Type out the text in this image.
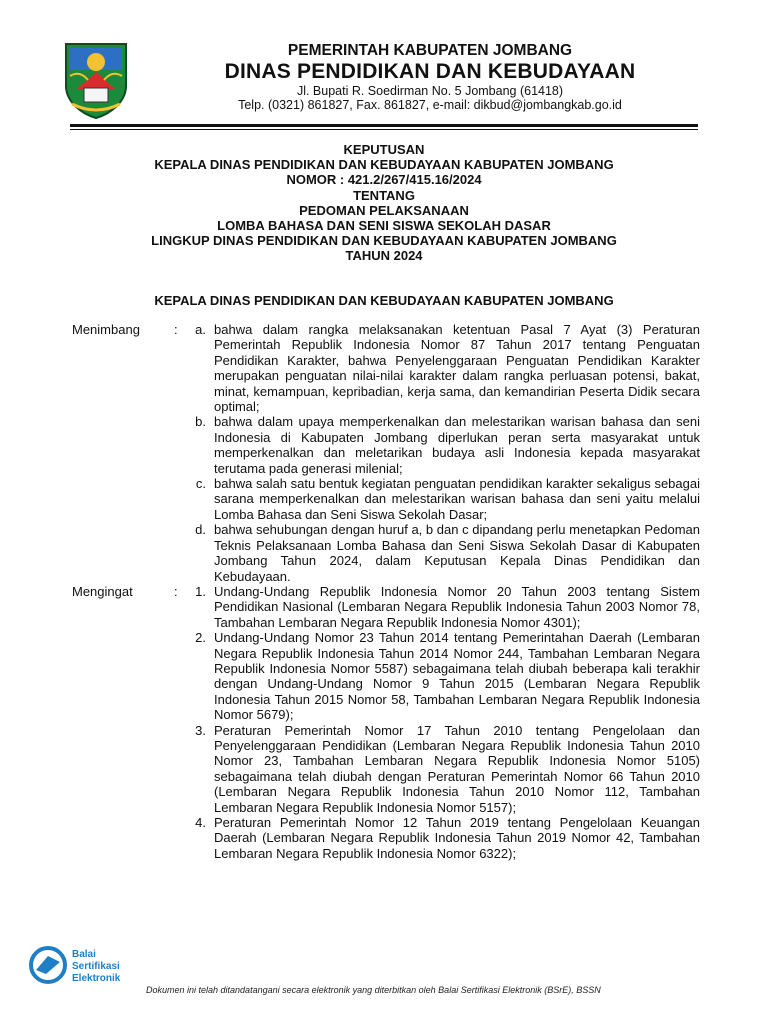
PEMERINTAH KABUPATEN JOMBANG
DINAS PENDIDIKAN DAN KEBUDAYAAN
Jl. Bupati R. Soedirman No. 5 Jombang (61418)
Telp. (0321) 861827, Fax. 861827, e-mail: dikbud@jombangkab.go.id
KEPUTUSAN
KEPALA DINAS PENDIDIKAN DAN KEBUDAYAAN KABUPATEN JOMBANG
NOMOR : 421.2/267/415.16/2024
TENTANG
PEDOMAN PELAKSANAAN
LOMBA BAHASA DAN SENI SISWA SEKOLAH DASAR
LINGKUP DINAS PENDIDIKAN DAN KEBUDAYAAN KABUPATEN JOMBANG
TAHUN 2024
KEPALA DINAS PENDIDIKAN DAN KEBUDAYAAN KABUPATEN JOMBANG
Menimbang	:	a. bahwa dalam rangka melaksanakan ketentuan Pasal 7 Ayat (3) Peraturan Pemerintah Republik Indonesia Nomor 87 Tahun 2017 tentang Penguatan Pendidikan Karakter, bahwa Penyelenggaraan Penguatan Pendidikan Karakter merupakan penguatan nilai-nilai karakter dalam rangka perluasan potensi, bakat, minat, kemampuan, kepribadian, kerja sama, dan kemandirian Peserta Didik secara optimal;
b. bahwa dalam upaya memperkenalkan dan melestarikan warisan bahasa dan seni Indonesia di Kabupaten Jombang diperlukan peran serta masyarakat untuk memperkenalkan dan meletarikan budaya asli Indonesia kepada masyarakat terutama pada generasi milenial;
c. bahwa salah satu bentuk kegiatan penguatan pendidikan karakter sekaligus sebagai sarana memperkenalkan dan melestarikan warisan bahasa dan seni yaitu melalui Lomba Bahasa dan Seni Siswa Sekolah Dasar;
d. bahwa sehubungan dengan huruf a, b dan c dipandang perlu menetapkan Pedoman Teknis Pelaksanaan Lomba Bahasa dan Seni Siswa Sekolah Dasar di Kabupaten Jombang Tahun 2024, dalam Keputusan Kepala Dinas Pendidikan dan Kebudayaan.
Mengingat	:	1. Undang-Undang Republik Indonesia Nomor 20 Tahun 2003 tentang Sistem Pendidikan Nasional (Lembaran Negara Republik Indonesia Tahun 2003 Nomor 78, Tambahan Lembaran Negara Republik Indonesia Nomor 4301);
2. Undang-Undang Nomor 23 Tahun 2014 tentang Pemerintahan Daerah (Lembaran Negara Republik Indonesia Tahun 2014 Nomor 244, Tambahan Lembaran Negara Republik Indonesia Nomor 5587) sebagaimana telah diubah beberapa kali terakhir dengan Undang-Undang Nomor 9 Tahun 2015 (Lembaran Negara Republik Indonesia Tahun 2015 Nomor 58, Tambahan Lembaran Negara Republik Indonesia Nomor 5679);
3. Peraturan Pemerintah Nomor 17 Tahun 2010 tentang Pengelolaan dan Penyelenggaraan Pendidikan (Lembaran Negara Republik Indonesia Tahun 2010 Nomor 23, Tambahan Lembaran Negara Republik Indonesia Nomor 5105) sebagaimana telah diubah dengan Peraturan Pemerintah Nomor 66 Tahun 2010 (Lembaran Negara Republik Indonesia Tahun 2010 Nomor 112, Tambahan Lembaran Negara Republik Indonesia Nomor 5157);
4. Peraturan Pemerintah Nomor 12 Tahun 2019 tentang Pengelolaan Keuangan Daerah (Lembaran Negara Republik Indonesia Tahun 2019 Nomor 42, Tambahan Lembaran Negara Republik Indonesia Nomor 6322);
Balai
Sertifikasi
Elektronik
Dokumen ini telah ditandatangani secara elektronik yang diterbitkan oleh Balai Sertifikasi Elektronik (BSrE), BSSN
